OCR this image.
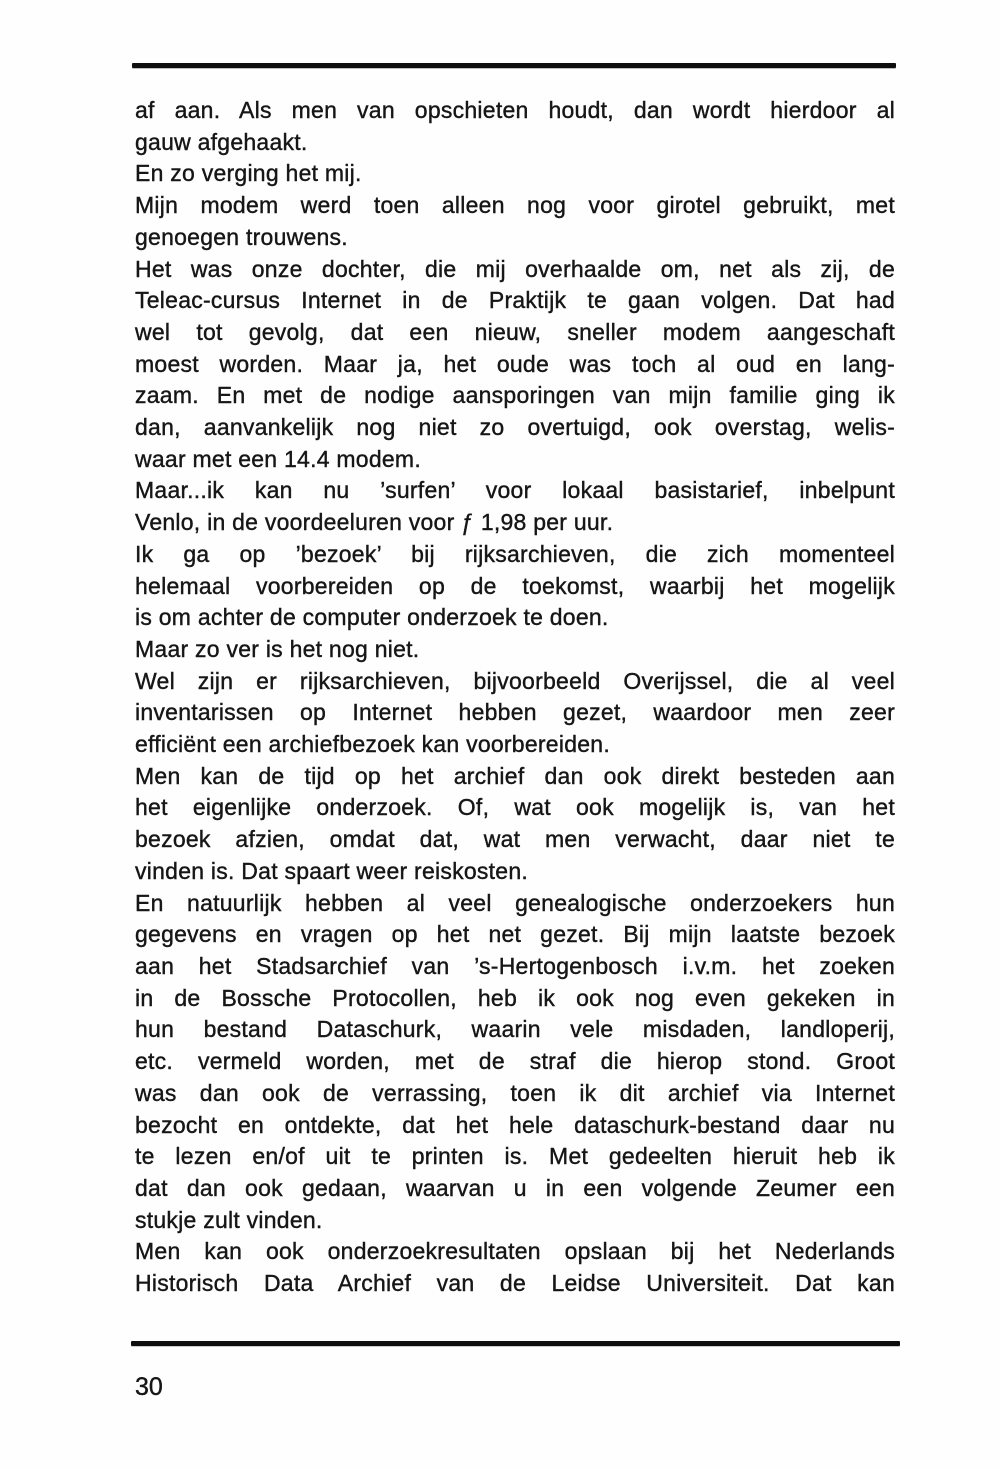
af aan. Als men van opschieten houdt, dan wordt hierdoor al
gauw afgehaakt.
En zo verging het mij.
Mijn modem werd toen alleen nog voor girotel gebruikt, met
genoegen trouwens.
Het was onze dochter, die mij overhaalde om, net als zij, de
Teleac-cursus Internet in de Praktijk te gaan volgen. Dat had
wel tot gevolg, dat een nieuw, sneller modem aangeschaft
moest worden. Maar ja, het oude was toch al oud en lang-
zaam. En met de nodige aansporingen van mijn familie ging ik
dan, aanvankelijk nog niet zo overtuigd, ook overstag, welis-
waar met een 14.4 modem.
Maar...ik kan nu ’surfen’ voor lokaal basistarief, inbelpunt
Venlo, in de voordeeluren voor ƒ 1,98 per uur.
Ik ga op ’bezoek’ bij rijksarchieven, die zich momenteel
helemaal voorbereiden op de toekomst, waarbij het mogelijk
is om achter de computer onderzoek te doen.
Maar zo ver is het nog niet.
Wel zijn er rijksarchieven, bijvoorbeeld Overijssel, die al veel
inventarissen op Internet hebben gezet, waardoor men zeer
efficiënt een archiefbezoek kan voorbereiden.
Men kan de tijd op het archief dan ook direkt besteden aan
het eigenlijke onderzoek. Of, wat ook mogelijk is, van het
bezoek afzien, omdat dat, wat men verwacht, daar niet te
vinden is. Dat spaart weer reiskosten.
En natuurlijk hebben al veel genealogische onderzoekers hun
gegevens en vragen op het net gezet. Bij mijn laatste bezoek
aan het Stadsarchief van ’s-Hertogenbosch i.v.m. het zoeken
in de Bossche Protocollen, heb ik ook nog even gekeken in
hun bestand Dataschurk, waarin vele misdaden, landloperij,
etc. vermeld worden, met de straf die hierop stond. Groot
was dan ook de verrassing, toen ik dit archief via Internet
bezocht en ontdekte, dat het hele dataschurk-bestand daar nu
te lezen en/of uit te printen is. Met gedeelten hieruit heb ik
dat dan ook gedaan, waarvan u in een volgende Zeumer een
stukje zult vinden.
Men kan ook onderzoekresultaten opslaan bij het Nederlands
Historisch Data Archief van de Leidse Universiteit. Dat kan
30
